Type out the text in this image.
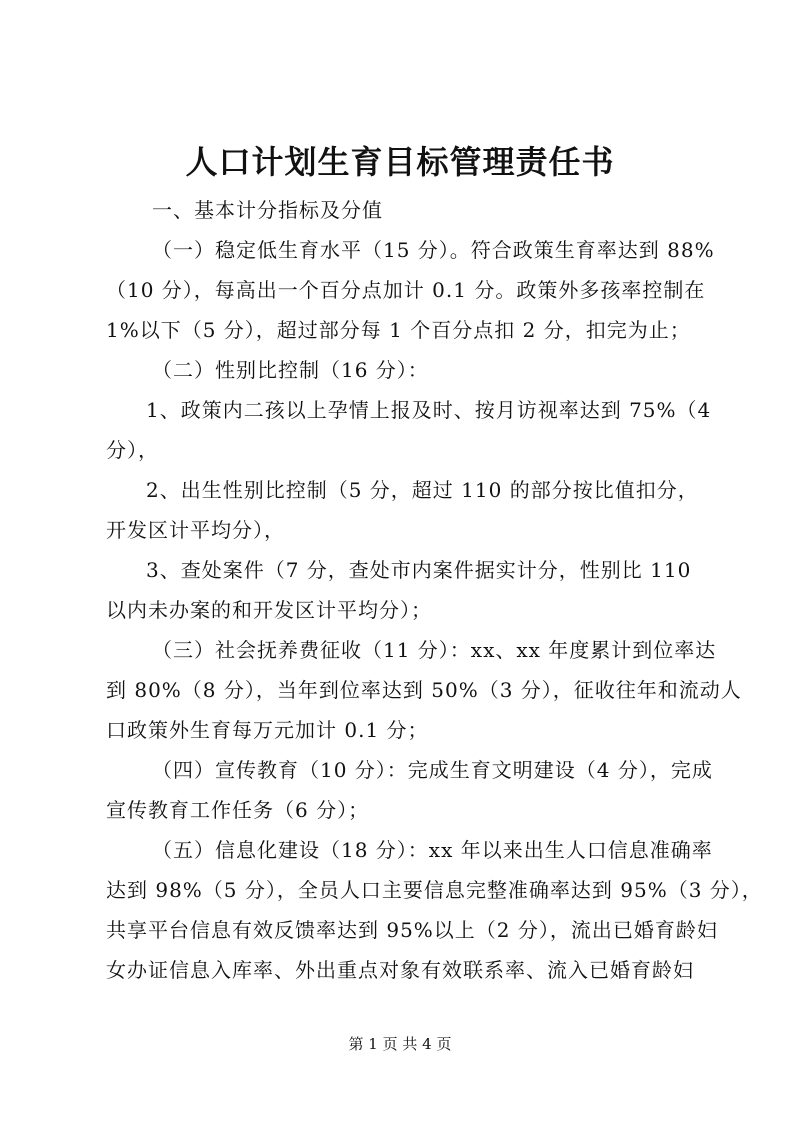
人口计划生育目标管理责任书
一、基本计分指标及分值
（一）稳定低生育水平（15 分）。符合政策生育率达到 88%
（10 分），每高出一个百分点加计 0.1 分。政策外多孩率控制在
1%以下（5 分），超过部分每 1 个百分点扣 2 分，扣完为止；
（二）性别比控制（16 分）：
1、政策内二孩以上孕情上报及时、按月访视率达到 75%（4
分），
2、出生性别比控制（5 分，超过 110 的部分按比值扣分，
开发区计平均分），
3、查处案件（7 分，查处市内案件据实计分，性别比 110
以内未办案的和开发区计平均分）；
（三）社会抚养费征收（11 分）：xx、xx 年度累计到位率达
到 80%（8 分），当年到位率达到 50%（3 分），征收往年和流动人
口政策外生育每万元加计 0.1 分；
（四）宣传教育（10 分）：完成生育文明建设（4 分），完成
宣传教育工作任务（6 分）；
（五）信息化建设（18 分）：xx 年以来出生人口信息准确率
达到 98%（5 分），全员人口主要信息完整准确率达到 95%（3 分），
共享平台信息有效反馈率达到 95%以上（2 分），流出已婚育龄妇
女办证信息入库率、外出重点对象有效联系率、流入已婚育龄妇
第 1 页 共 4 页
